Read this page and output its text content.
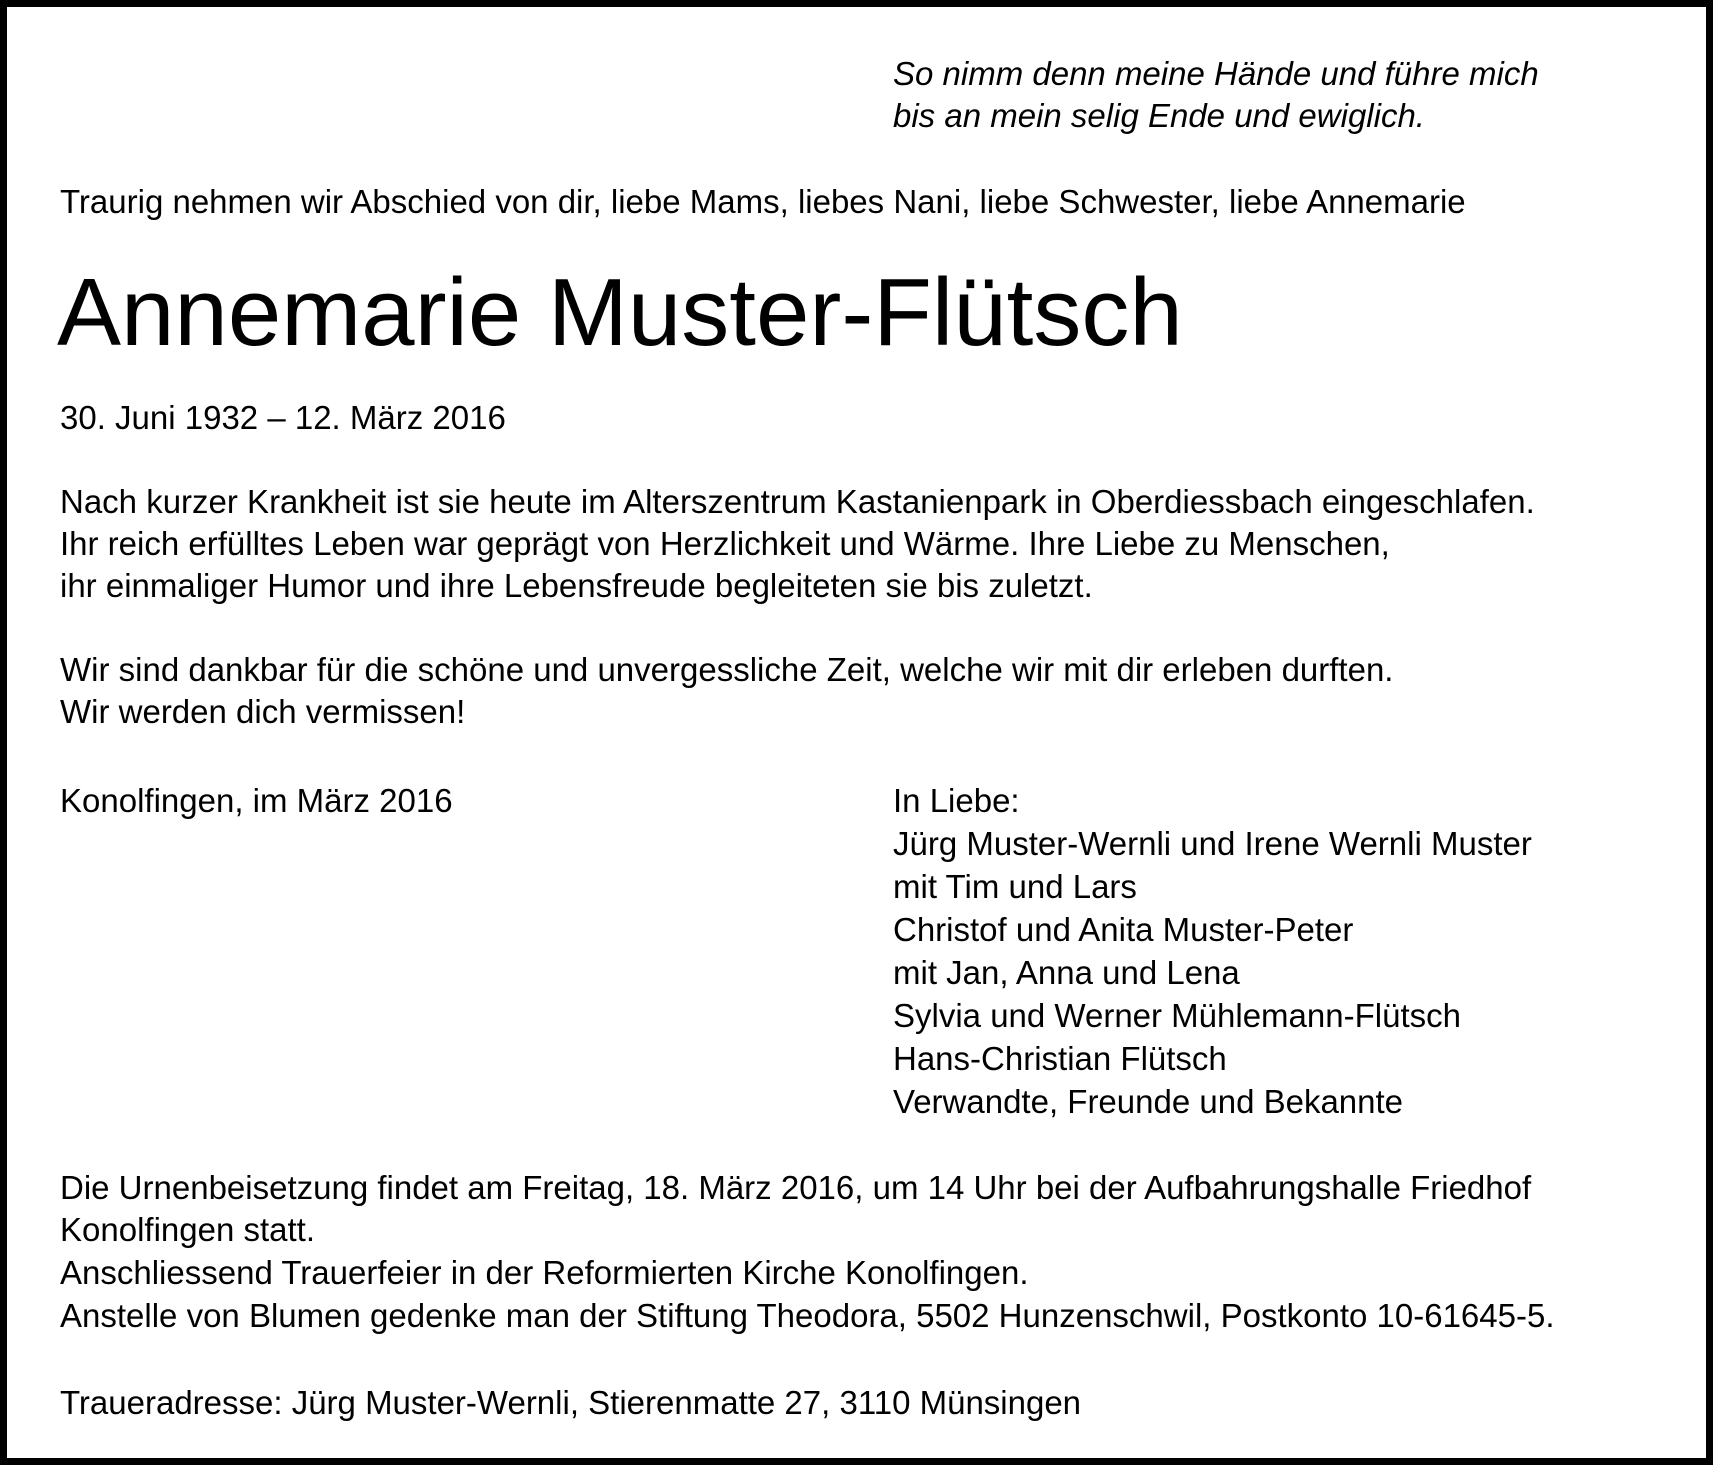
So nimm denn meine Hände und führe mich
bis an mein selig Ende und ewiglich.
Traurig nehmen wir Abschied von dir, liebe Mams, liebes Nani, liebe Schwester, liebe Annemarie
Annemarie Muster-Flütsch
30. Juni 1932 – 12. März 2016
Nach kurzer Krankheit ist sie heute im Alterszentrum Kastanienpark in Oberdiessbach eingeschlafen.
Ihr reich erfülltes Leben war geprägt von Herzlichkeit und Wärme. Ihre Liebe zu Menschen,
ihr einmaliger Humor und ihre Lebensfreude begleiteten sie bis zuletzt.
Wir sind dankbar für die schöne und unvergessliche Zeit, welche wir mit dir erleben durften.
Wir werden dich vermissen!
Konolfingen, im März 2016	In Liebe:
Jürg Muster-Wernli und Irene Wernli Muster
mit Tim und Lars
Christof und Anita Muster-Peter
mit Jan, Anna und Lena
Sylvia und Werner Mühlemann-Flütsch
Hans-Christian Flütsch
Verwandte, Freunde und Bekannte
Die Urnenbeisetzung findet am Freitag, 18. März 2016, um 14 Uhr bei der Aufbahrungshalle Friedhof
Konolfingen statt.
Anschliessend Trauerfeier in der Reformierten Kirche Konolfingen.
Anstelle von Blumen gedenke man der Stiftung Theodora, 5502 Hunzenschwil, Postkonto 10-61645-5.
Traueradresse: Jürg Muster-Wernli, Stierenmatte 27, 3110 Münsingen
